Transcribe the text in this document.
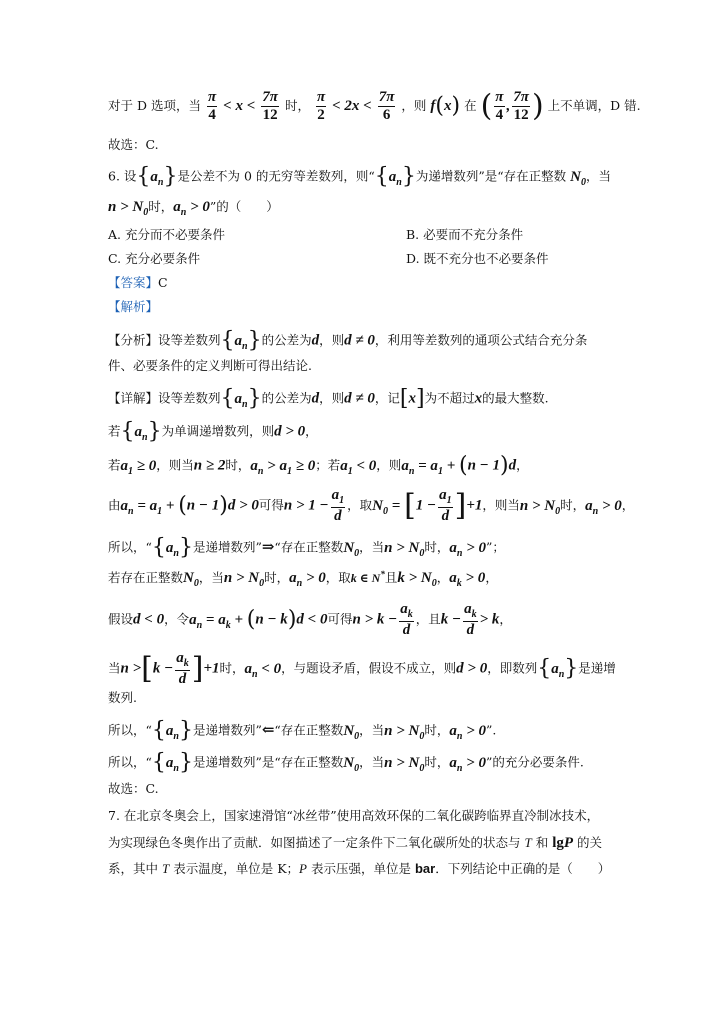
对于 D 选项，当 $\frac{\pi}{4} < x < \frac{7\pi}{12}$ 时， $\frac{\pi}{2} < 2x < \frac{7\pi}{6}$ ，则 f(x) 在 ( $\frac{\pi}{4}$ , $\frac{7\pi}{12}$ ) 上不单调，D 错.
故选：C.
6. 设$\{a_n\}$是公差不为 0 的无穷等差数列，则“$\{a_n\}$为递增数列”是“存在正整数 $N_0$，当
$n > N_0$时，$a_n > 0$”的（　　）
A. 充分而不必要条件	B. 必要而不充分条件
C. 充分必要条件	D. 既不充分也不必要条件
【答案】C
【解析】
【分析】设等差数列$\{a_n\}$的公差为d，则d ≠ 0，利用等差数列的通项公式结合充分条
件、必要条件的定义判断可得出结论.
【详解】设等差数列$\{a_n\}$的公差为d，则d ≠ 0，记[x]为不超过x的最大整数.
若$\{a_n\}$为单调递增数列，则d > 0，
若$a_1 \ge 0$，则当n ≥ 2时，$a_n > a_1 \ge 0$；若$a_1 < 0$，则$a_n = a_1 + (n - 1)d$，
由$a_n = a_1 + (n - 1)d > 0$可得$n > 1 - \frac{a_1}{d}$ ，取$N_0 = [1 - \frac{a_1}{d} ]+1$，则当$n > N_0$时，$a_n > 0$，
所以，“$\{a_n\}$是递增数列”⇒“存在正整数$N_0$，当$n > N_0$时，$a_n > 0$”；
若存在正整数$N_0$，当$n > N_0$时，$a_n > 0$，取k ∈ N*且$k > N_0$，$a_k > 0$，
假设d < 0，令$a_n = a_k + (n - k)d < 0$可得$n > k - \frac{a_k}{d}$ ，且$k - \frac{a_k}{d} > k$，
当$n >[k - \frac{a_k}{d} ]+1$时，$a_n < 0$，与题设矛盾，假设不成立，则d > 0，即数列$\{a_n\}$是递增
数列.
所以，“$\{a_n\}$是递增数列”⇐“存在正整数$N_0$，当$n > N_0$时，$a_n > 0$”.
所以，“$\{a_n\}$是递增数列”是“存在正整数$N_0$，当$n > N_0$时，$a_n > 0$”的充分必要条件.
故选：C.
7. 在北京冬奥会上，国家速滑馆“冰丝带”使用高效环保的二氧化碳跨临界直冷制冰技术，
为实现绿色冬奥作出了贡献．如图描述了一定条件下二氧化碳所处的状态与 T 和 lgP 的关
系，其中 T 表示温度，单位是 K；P 表示压强，单位是 bar．下列结论中正确的是（　　）
